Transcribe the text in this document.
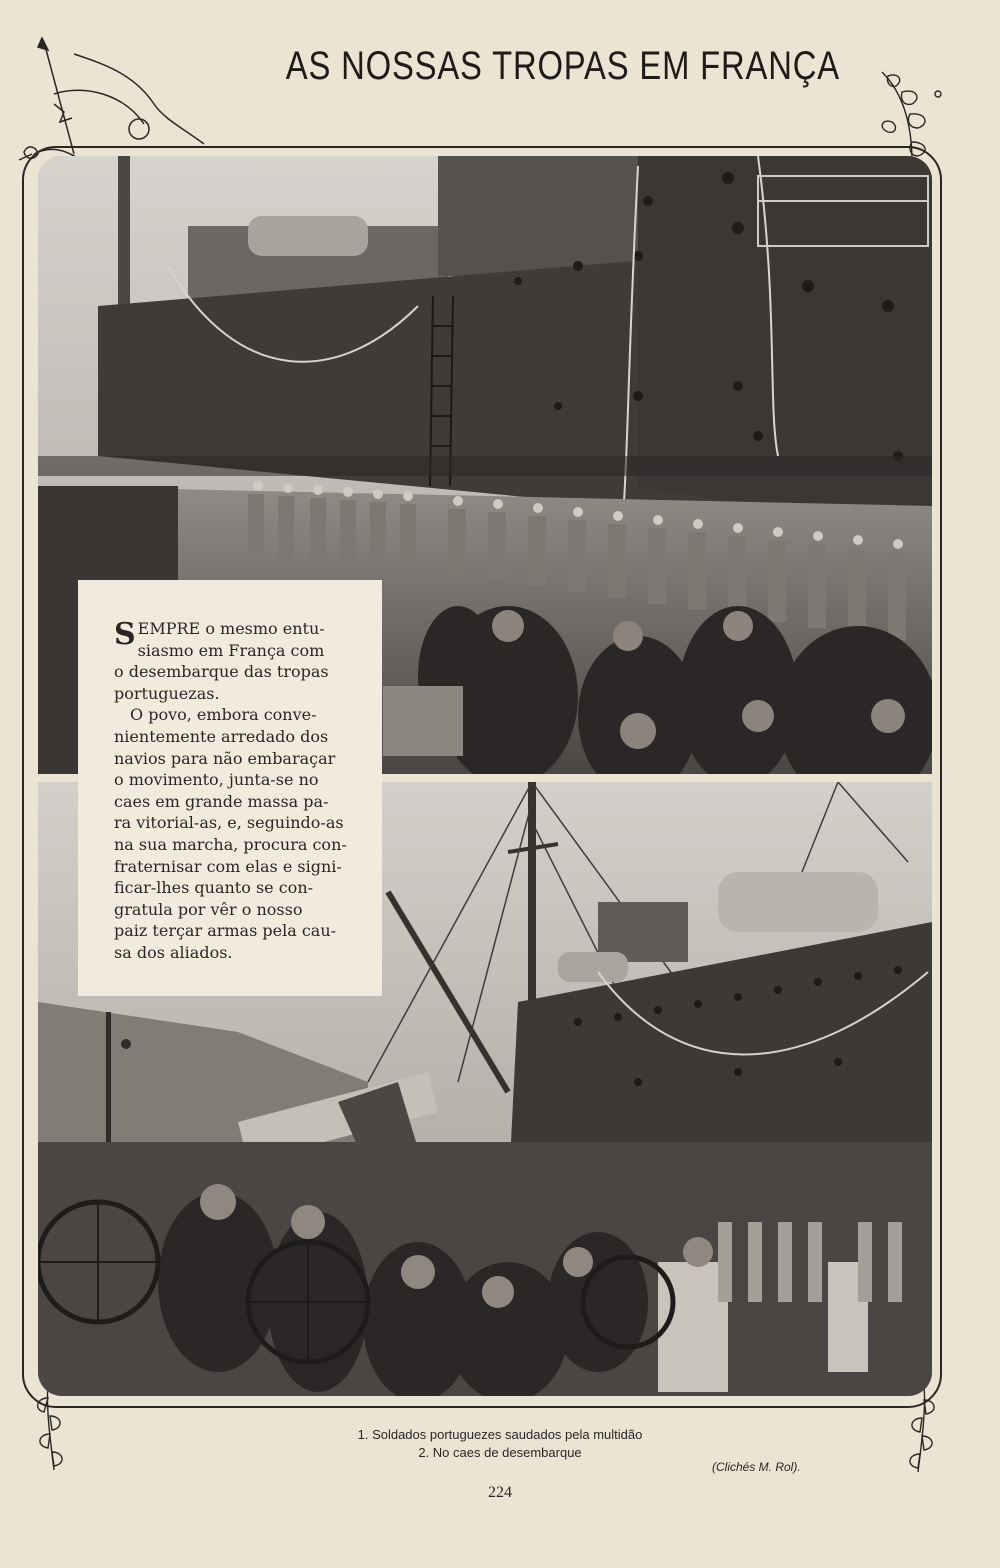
AS NOSSAS TROPAS EM FRANÇA

SEMPRE o mesmo entu-
siasmo em França com
o desembarque das tropas
portuguezas.

O povo, embora conve-
nientemente arredado dos
navios para não embaraçar
o movimento, junta-se no
caes em grande massa pa-
ra vitorial-as, e, seguindo-as
na sua marcha, procura con-
fraternisar com elas e signi-
ficar-lhes quanto se con-
gratula por vêr o nosso
paiz terçar armas pela cau-
sa dos aliados.

1. Soldados portuguezes saudados pela multidão
2. No caes de desembarque
(Clichés M. Rol).
224
